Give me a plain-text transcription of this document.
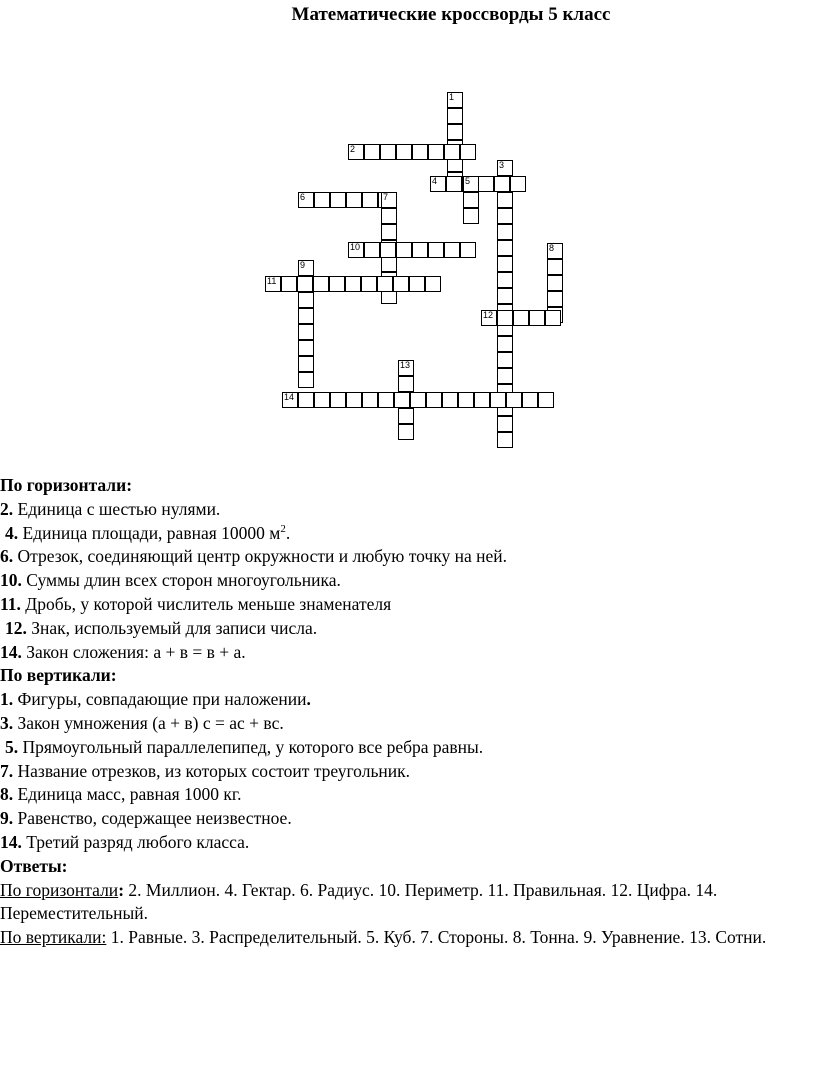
Математические кроссворды 5 класс
1
2
3
4	5
6	7
8
9
10
11
12
13
14

По горизонтали:

2. Единица с шестью нулями.

4. Единица площади, равная 10000 $м^2$.

6. Отрезок, соединяющий центр окружности и любую точку на ней.

10. Суммы длин всех сторон многоугольника.

11. Дробь, у которой числитель меньше знаменателя

12. Знак, используемый для записи числа.

14. Закон сложения: а + в = в + а.

По вертикали:

1. Фигуры, совпадающие при наложении.

3. Закон умножения (а + в) с = ас + вс.

5. Прямоугольный параллелепипед, у которого все ребра равны.

7. Название отрезков, из которых состоит треугольник.

8. Единица масс, равная 1000 кг.

9. Равенство, содержащее неизвестное.

14. Третий разряд любого класса.

Ответы:

По горизонтали: 2. Миллион. 4. Гектар. 6. Радиус. 10. Периметр. 11. Правильная. 12. Цифра. 14. Переместительный.

По вертикали: 1. Равные. 3. Распределительный. 5. Куб. 7. Стороны. 8. Тонна. 9. Уравнение. 13. Сотни.
